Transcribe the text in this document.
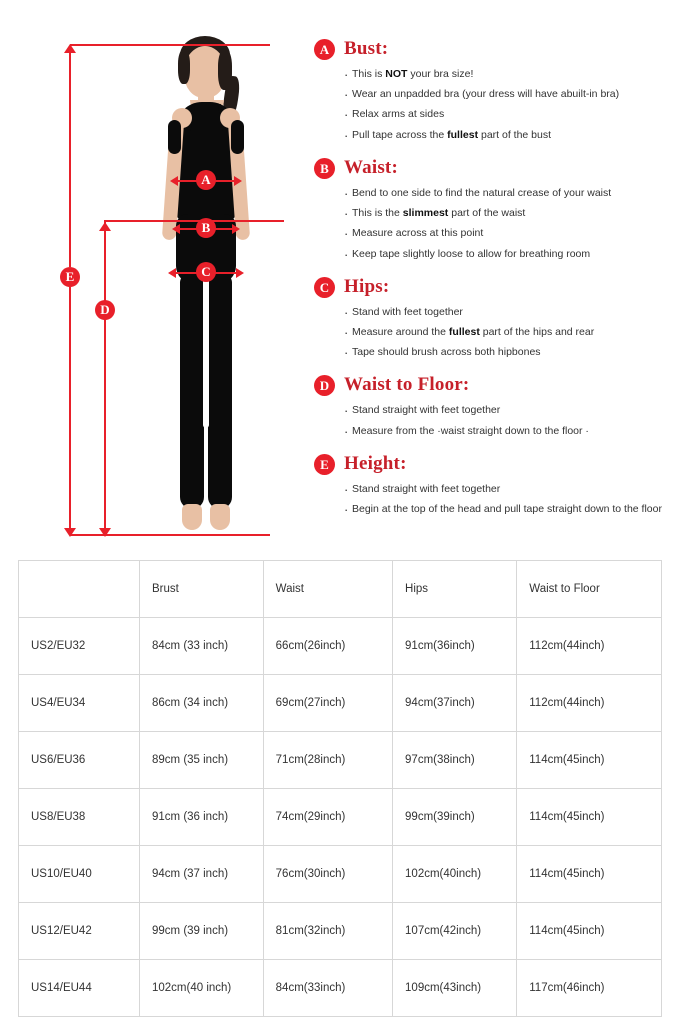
E
D
A
B
C
A Bust:
· This is NOT your bra size!
· Wear an unpadded bra (your dress will have abuilt-in bra)
· Relax arms at sides
· Pull tape across the fullest part of the bust
B Waist:
· Bend to one side to find the natural crease of your waist
· This is the slimmest part of the waist
· Measure across at this point
· Keep tape slightly loose to allow for breathing room
C Hips:
· Stand with feet together
· Measure around the fullest part of the hips and rear
· Tape should brush across both hipbones
D Waist to Floor:
· Stand straight with feet together
· Measure from the ·waist straight down to the floor ·
E Height:
· Stand straight with feet together
· Begin at the top of the head and pull tape straight down to the floor
	Brust	Waist	Hips	Waist to Floor
US2/EU32	84cm (33 inch)	66cm(26inch)	91cm(36inch)	112cm(44inch)
US4/EU34	86cm (34 inch)	69cm(27inch)	94cm(37inch)	112cm(44inch)
US6/EU36	89cm (35 inch)	71cm(28inch)	97cm(38inch)	114cm(45inch)
US8/EU38	91cm (36 inch)	74cm(29inch)	99cm(39inch)	114cm(45inch)
US10/EU40	94cm (37 inch)	76cm(30inch)	102cm(40inch)	114cm(45inch)
US12/EU42	99cm (39 inch)	81cm(32inch)	107cm(42inch)	114cm(45inch)
US14/EU44	102cm(40 inch)	84cm(33inch)	109cm(43inch)	117cm(46inch)
